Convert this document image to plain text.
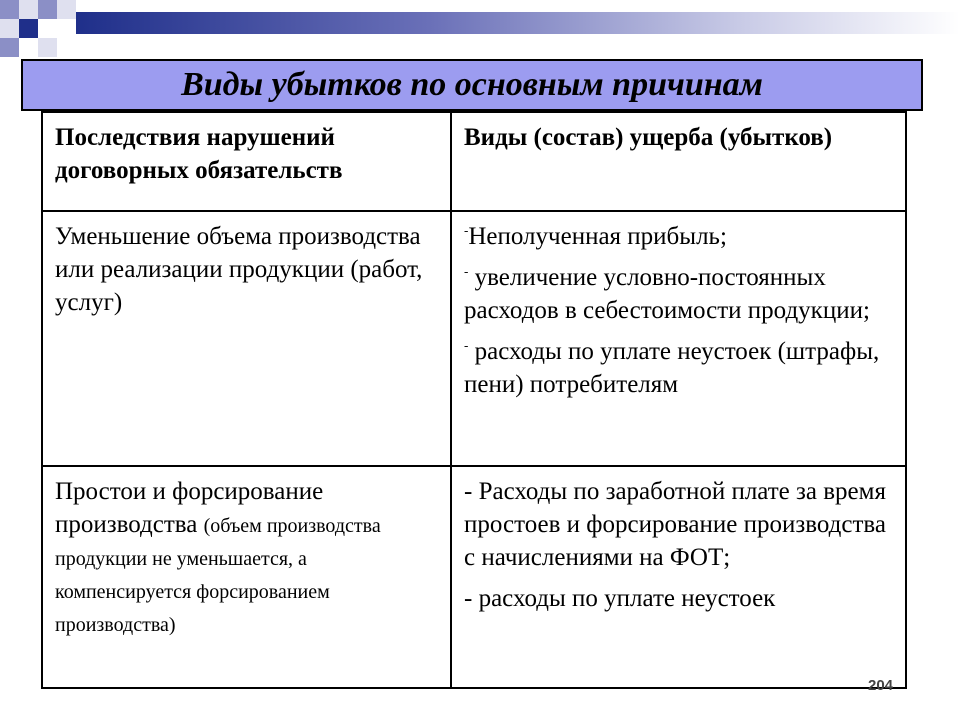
Виды убытков по основным причинам
Последствия нарушений договорных обязательств	Виды (состав) ущерба (убытков)
Уменьшение объема производства или реализации продукции (работ, услуг)	-Неполученная прибыль;
- увеличение условно-постоянных расходов в себестоимости продукции;
- расходы по уплате неустоек (штрафы, пени) потребителям

Простои и форсирование производства (объем производства продукции не уменьшается, а компенсируется форсированием производства)	- Расходы по заработной плате за время простоев и форсирование производства с начислениями на ФОТ;
- расходы по уплате неустоек
204
